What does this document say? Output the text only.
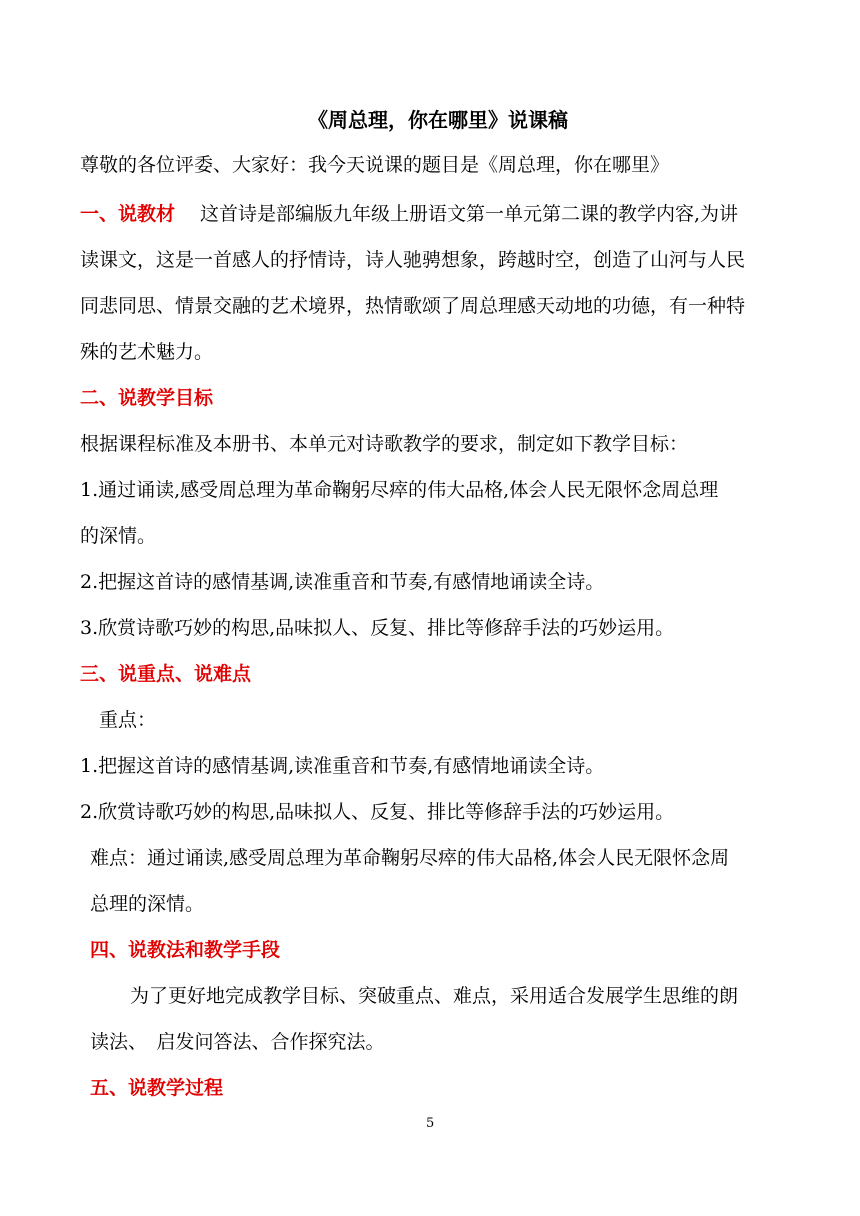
《周总理，你在哪里》说课稿
尊敬的各位评委、大家好：我今天说课的题目是《周总理，你在哪里》
一、说教材 这首诗是部编版九年级上册语文第一单元第二课的教学内容,为讲
读课文，这是一首感人的抒情诗，诗人驰骋想象，跨越时空，创造了山河与人民
同悲同思、情景交融的艺术境界，热情歌颂了周总理感天动地的功德，有一种特
殊的艺术魅力。
二、说教学目标
根据课程标准及本册书、本单元对诗歌教学的要求，制定如下教学目标：
1.通过诵读,感受周总理为革命鞠躬尽瘁的伟大品格,体会人民无限怀念周总理
的深情。
2.把握这首诗的感情基调,读准重音和节奏,有感情地诵读全诗。
3.欣赏诗歌巧妙的构思,品味拟人、反复、排比等修辞手法的巧妙运用。
三、说重点、说难点
重点：
1.把握这首诗的感情基调,读准重音和节奏,有感情地诵读全诗。
2.欣赏诗歌巧妙的构思,品味拟人、反复、排比等修辞手法的巧妙运用。
难点：通过诵读,感受周总理为革命鞠躬尽瘁的伟大品格,体会人民无限怀念周
总理的深情。
四、说教法和教学手段
为了更好地完成教学目标、突破重点、难点，采用适合发展学生思维的朗
读法、　启发问答法、合作探究法。
五、说教学过程
5
